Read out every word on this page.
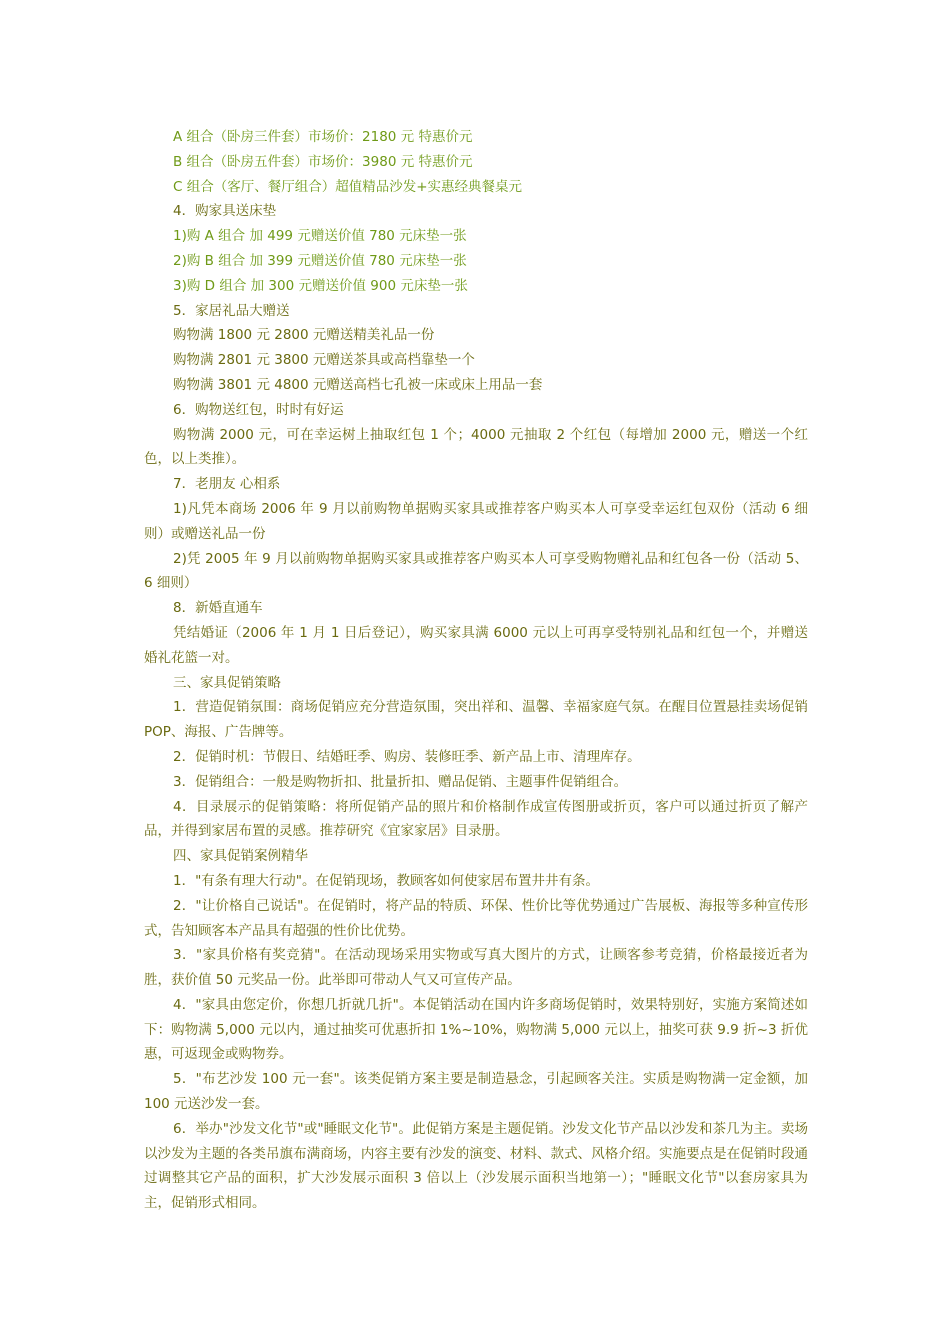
A 组合（卧房三件套）市场价：2180 元 特惠价元

B 组合（卧房五件套）市场价：3980 元 特惠价元

C 组合（客厅、餐厅组合）超值精品沙发+实惠经典餐桌元

4．购家具送床垫

1)购 A 组合 加 499 元赠送价值 780 元床垫一张

2)购 B 组合 加 399 元赠送价值 780 元床垫一张

3)购 D 组合 加 300 元赠送价值 900 元床垫一张

5．家居礼品大赠送

购物满 1800 元 2800 元赠送精美礼品一份

购物满 2801 元 3800 元赠送茶具或高档靠垫一个

购物满 3801 元 4800 元赠送高档七孔被一床或床上用品一套

6．购物送红包，时时有好运

购物满 2000 元，可在幸运树上抽取红包 1 个；4000 元抽取 2 个红包（每增加 2000 元，赠送一个红色，以上类推）。

7．老朋友 心相系

1)凡凭本商场 2006 年 9 月以前购物单据购买家具或推荐客户购买本人可享受幸运红包双份（活动 6 细则）或赠送礼品一份

2)凭 2005 年 9 月以前购物单据购买家具或推荐客户购买本人可享受购物赠礼品和红包各一份（活动 5、6 细则）

8．新婚直通车

凭结婚证（2006 年 1 月 1 日后登记），购买家具满 6000 元以上可再享受特别礼品和红包一个，并赠送婚礼花篮一对。

三、家具促销策略

1．营造促销氛围：商场促销应充分营造氛围，突出祥和、温馨、幸福家庭气氛。在醒目位置悬挂卖场促销 POP、海报、广告牌等。

2．促销时机：节假日、结婚旺季、购房、装修旺季、新产品上市、清理库存。

3．促销组合：一般是购物折扣、批量折扣、赠品促销、主题事件促销组合。

4．目录展示的促销策略：将所促销产品的照片和价格制作成宣传图册或折页，客户可以通过折页了解产品，并得到家居布置的灵感。推荐研究《宜家家居》目录册。

四、家具促销案例精华

1．"有条有理大行动"。在促销现场，教顾客如何使家居布置井井有条。

2．"让价格自己说话"。在促销时，将产品的特质、环保、性价比等优势通过广告展板、海报等多种宣传形式，告知顾客本产品具有超强的性价比优势。

3．"家具价格有奖竞猜"。在活动现场采用实物或写真大图片的方式，让顾客参考竞猜，价格最接近者为胜，获价值 50 元奖品一份。此举即可带动人气又可宣传产品。

4．"家具由您定价，你想几折就几折"。本促销活动在国内许多商场促销时，效果特别好，实施方案简述如下：购物满 5,000 元以内，通过抽奖可优惠折扣 1%~10%，购物满 5,000 元以上，抽奖可获 9.9 折~3 折优惠，可返现金或购物券。

5．"布艺沙发 100 元一套"。该类促销方案主要是制造悬念，引起顾客关注。实质是购物满一定金额，加 100 元送沙发一套。

6．举办"沙发文化节"或"睡眠文化节"。此促销方案是主题促销。沙发文化节产品以沙发和茶几为主。卖场以沙发为主题的各类吊旗布满商场，内容主要有沙发的演变、材料、款式、风格介绍。实施要点是在促销时段通过调整其它产品的面积，扩大沙发展示面积 3 倍以上（沙发展示面积当地第一）；"睡眠文化节"以套房家具为主，促销形式相同。
